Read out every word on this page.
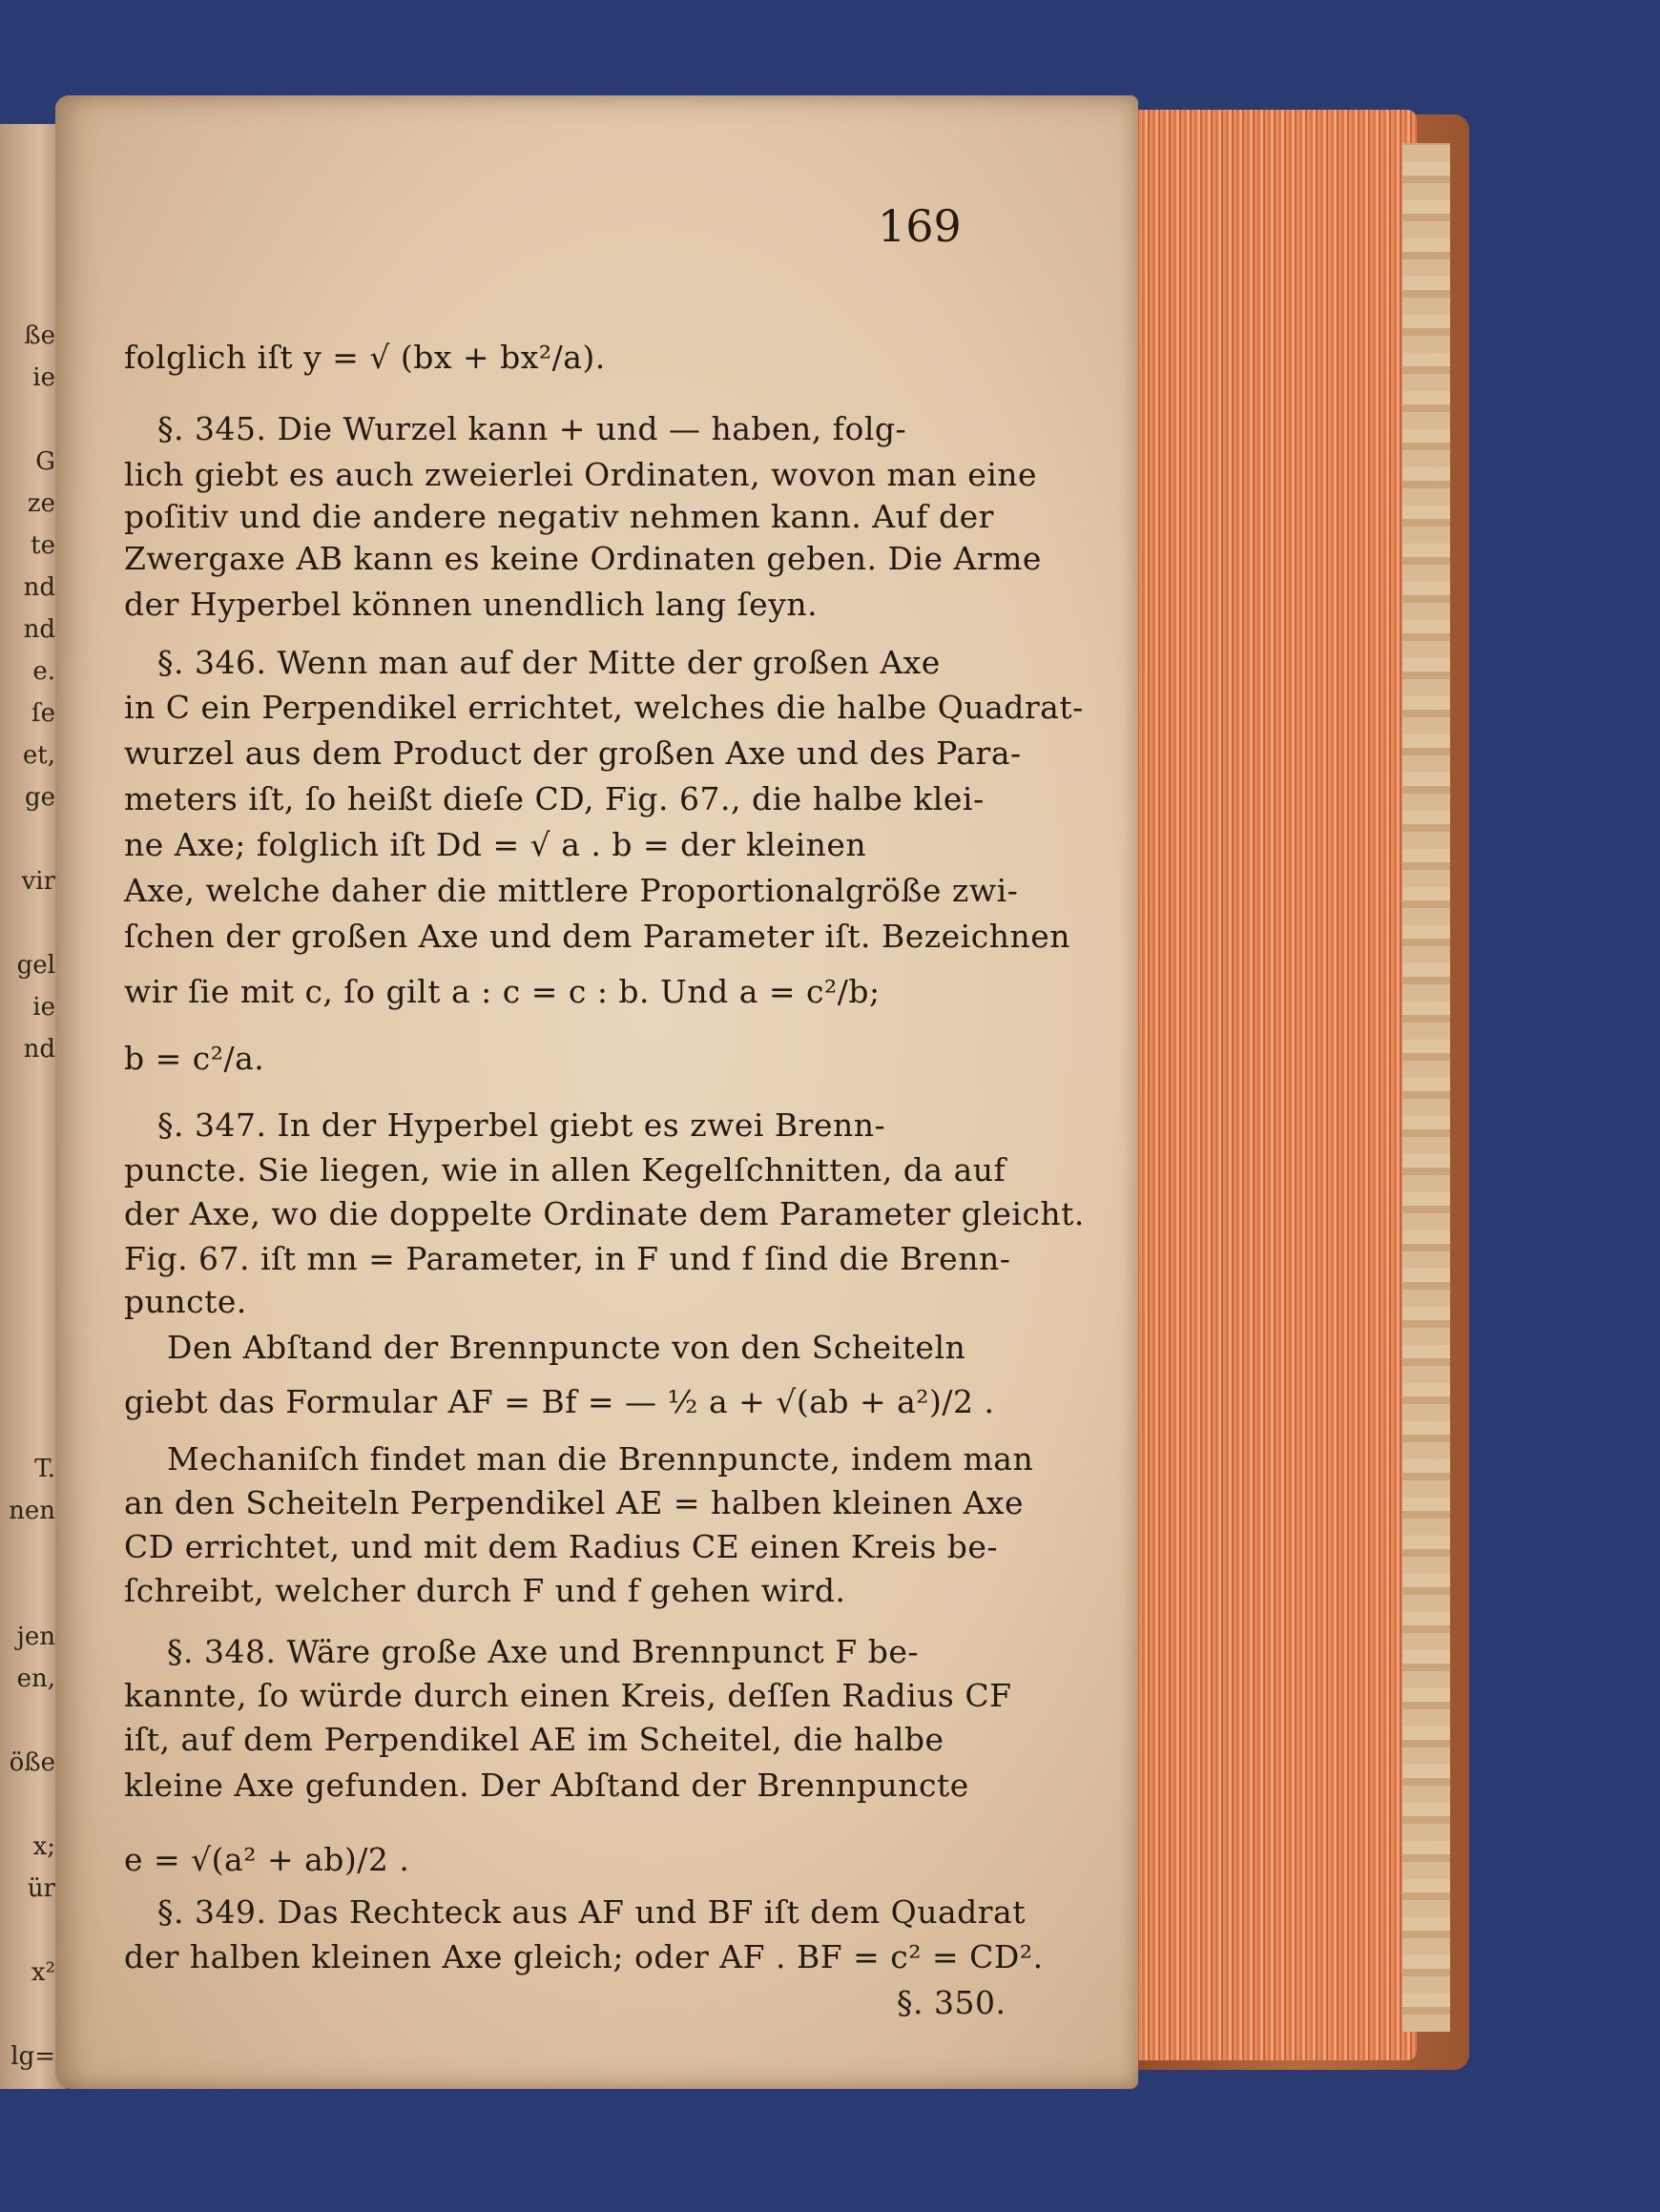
ße
ie
G
ze
te
nd
nd
e.
ſe
et,
ge
vir
gel
ie
nd
T.
nen
jen
en,
öße
x;
ür
x²
lg=
169
folglich iſt y = √ (bx + bx²/a).
§. 345. Die Wurzel kann + und — haben, folg-
lich giebt es auch zweierlei Ordinaten, wovon man eine
poſitiv und die andere negativ nehmen kann. Auf der
Zwergaxe AB kann es keine Ordinaten geben. Die Arme
der Hyperbel können unendlich lang ſeyn.
§. 346. Wenn man auf der Mitte der großen Axe
in C ein Perpendikel errichtet, welches die halbe Quadrat-
wurzel aus dem Product der großen Axe und des Para-
meters iſt, ſo heißt dieſe CD, Fig. 67., die halbe klei-
ne Axe; folglich iſt Dd = √ a . b = der kleinen
Axe, welche daher die mittlere Proportionalgröße zwi-
ſchen der großen Axe und dem Parameter iſt. Bezeichnen
wir ſie mit c, ſo gilt a : c = c : b. Und a = c²/b;
b = c²/a.
§. 347. In der Hyperbel giebt es zwei Brenn-
puncte. Sie liegen, wie in allen Kegelſchnitten, da auf
der Axe, wo die doppelte Ordinate dem Parameter gleicht.
Fig. 67. iſt mn = Parameter, in F und f ſind die Brenn-
puncte.
Den Abſtand der Brennpuncte von den Scheiteln
giebt das Formular AF = Bf = — ½ a + √(ab + a²)/2 .
Mechaniſch findet man die Brennpuncte, indem man
an den Scheiteln Perpendikel AE = halben kleinen Axe
CD errichtet, und mit dem Radius CE einen Kreis be-
ſchreibt, welcher durch F und f gehen wird.
§. 348. Wäre große Axe und Brennpunct F be-
kannte, ſo würde durch einen Kreis, deſſen Radius CF
iſt, auf dem Perpendikel AE im Scheitel, die halbe
kleine Axe gefunden. Der Abſtand der Brennpuncte
e = √(a² + ab)/2 .
§. 349. Das Rechteck aus AF und BF iſt dem Quadrat
der halben kleinen Axe gleich; oder AF . BF = c² = CD².
§. 350.
